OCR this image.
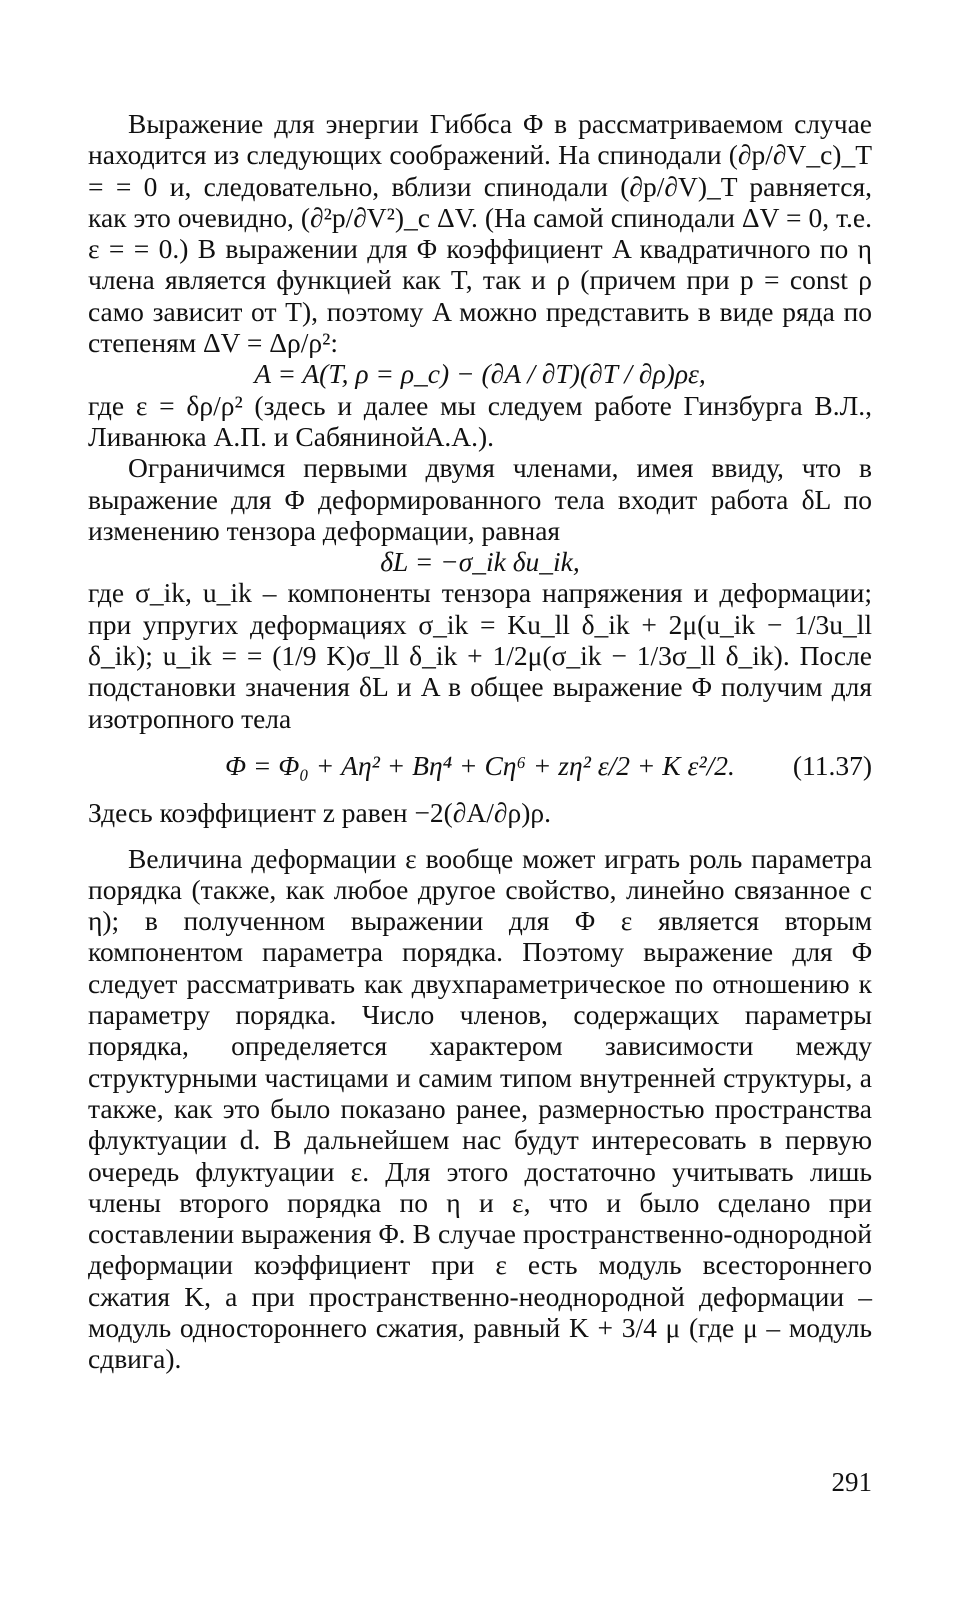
Выражение для энергии Гиббса Φ в рассматриваемом случае находится из следующих соображений. На спинодали (∂p/∂V_c)_T = = 0 и, следовательно, вблизи спинодали (∂p/∂V)_T равняется, как это очевидно, (∂²p/∂V²)_c ΔV. (На самой спинодали ΔV = 0, т.е. ε = = 0.) В выражении для Φ коэффициент A квадратичного по η члена является функцией как T, так и ρ (причем при p = const ρ само зависит от T), поэтому A можно представить в виде ряда по степеням ΔV = Δρ/ρ²:

A = A(T, ρ = ρ_c) − (∂A / ∂T)(∂T / ∂ρ)ρε,

где ε = δρ/ρ² (здесь и далее мы следуем работе Гинзбурга В.Л., Ливанюка А.П. и СабянинойА.А.).

Ограничимся первыми двумя членами, имея ввиду, что в выражение для Φ деформированного тела входит работа δL по изменению тензора деформации, равная

δL = −σ_ik δu_ik,

где σ_ik, u_ik – компоненты тензора напряжения и деформации; при упругих деформациях σ_ik = Ku_ll δ_ik + 2μ(u_ik − 1/3u_ll δ_ik); u_ik = = (1/9 K)σ_ll δ_ik + 1/2μ(σ_ik − 1/3σ_ll δ_ik). После подстановки значения δL и A в общее выражение Φ получим для изотропного тела

Φ = Φ₀ + Aη² + Bη⁴ + Cη⁶ + zη² ε/2 + K ε²/2. (11.37)

Здесь коэффициент z равен −2(∂A/∂ρ)ρ.

Величина деформации ε вообще может играть роль параметра порядка (также, как любое другое свойство, линейно связанное с η); в полученном выражении для Φ ε является вторым компонентом параметра порядка. Поэтому выражение для Φ следует рассматривать как двухпараметрическое по отношению к параметру порядка. Число членов, содержащих параметры порядка, определяется характером зависимости между структурными частицами и самим типом внутренней структуры, а также, как это было показано ранее, размерностью пространства флуктуации d. В дальнейшем нас будут интересовать в первую очередь флуктуации ε. Для этого достаточно учитывать лишь члены второго порядка по η и ε, что и было сделано при составлении выражения Φ. В случае пространственно-однородной деформации коэффициент при ε есть модуль всестороннего сжатия K, а при пространственно-неоднородной деформации – модуль одностороннего сжатия, равный K + 3/4 μ (где μ – модуль сдвига).

291
